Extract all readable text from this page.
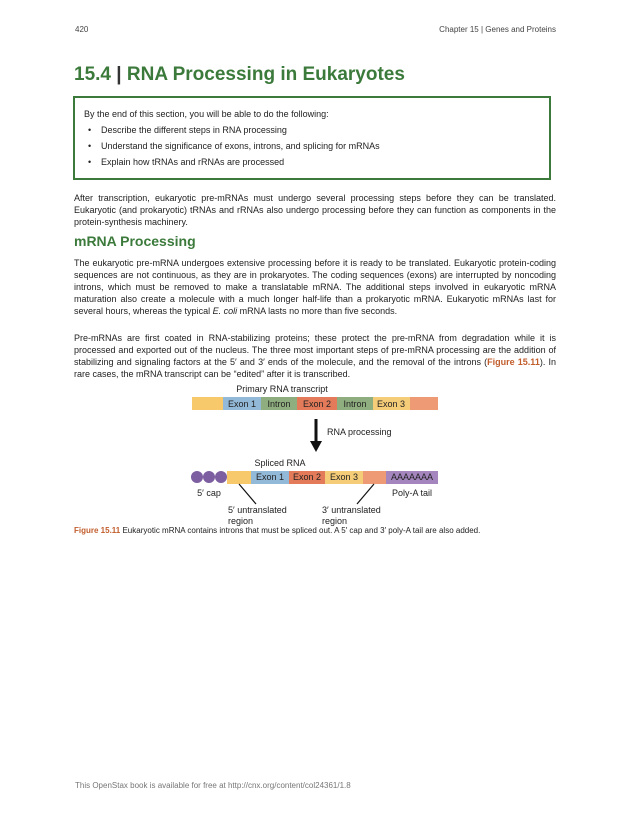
420	Chapter 15 | Genes and Proteins
15.4 | RNA Processing in Eukaryotes
By the end of this section, you will be able to do the following:
• Describe the different steps in RNA processing
• Understand the significance of exons, introns, and splicing for mRNAs
• Explain how tRNAs and rRNAs are processed

After transcription, eukaryotic pre-mRNAs must undergo several processing steps before they can be translated. Eukaryotic (and prokaryotic) tRNAs and rRNAs also undergo processing before they can function as components in the protein-synthesis machinery.

mRNA Processing

The eukaryotic pre-mRNA undergoes extensive processing before it is ready to be translated. Eukaryotic protein-coding sequences are not continuous, as they are in prokaryotes. The coding sequences (exons) are interrupted by noncoding introns, which must be removed to make a translatable mRNA. The additional steps involved in eukaryotic mRNA maturation also create a molecule with a much longer half-life than a prokaryotic mRNA. Eukaryotic mRNAs last for several hours, whereas the typical E. coli mRNA lasts no more than five seconds.

Pre-mRNAs are first coated in RNA-stabilizing proteins; these protect the pre-mRNA from degradation while it is processed and exported out of the nucleus. The three most important steps of pre-mRNA processing are the addition of stabilizing and signaling factors at the 5′ and 3′ ends of the molecule, and the removal of the introns (Figure 15.11). In rare cases, the mRNA transcript can be “edited” after it is transcribed.

Primary RNA transcript
Exon 1 Intron Exon 2 Intron Exon 3
RNA processing
Spliced RNA
Exon 1 Exon 2 Exon 3	AAAAAAA
5′ cap	Poly-A tail
5′ untranslated
region
3′ untranslated
region

Figure 15.11 Eukaryotic mRNA contains introns that must be spliced out. A 5′ cap and 3′ poly-A tail are also added.

This OpenStax book is available for free at http://cnx.org/content/col24361/1.8
